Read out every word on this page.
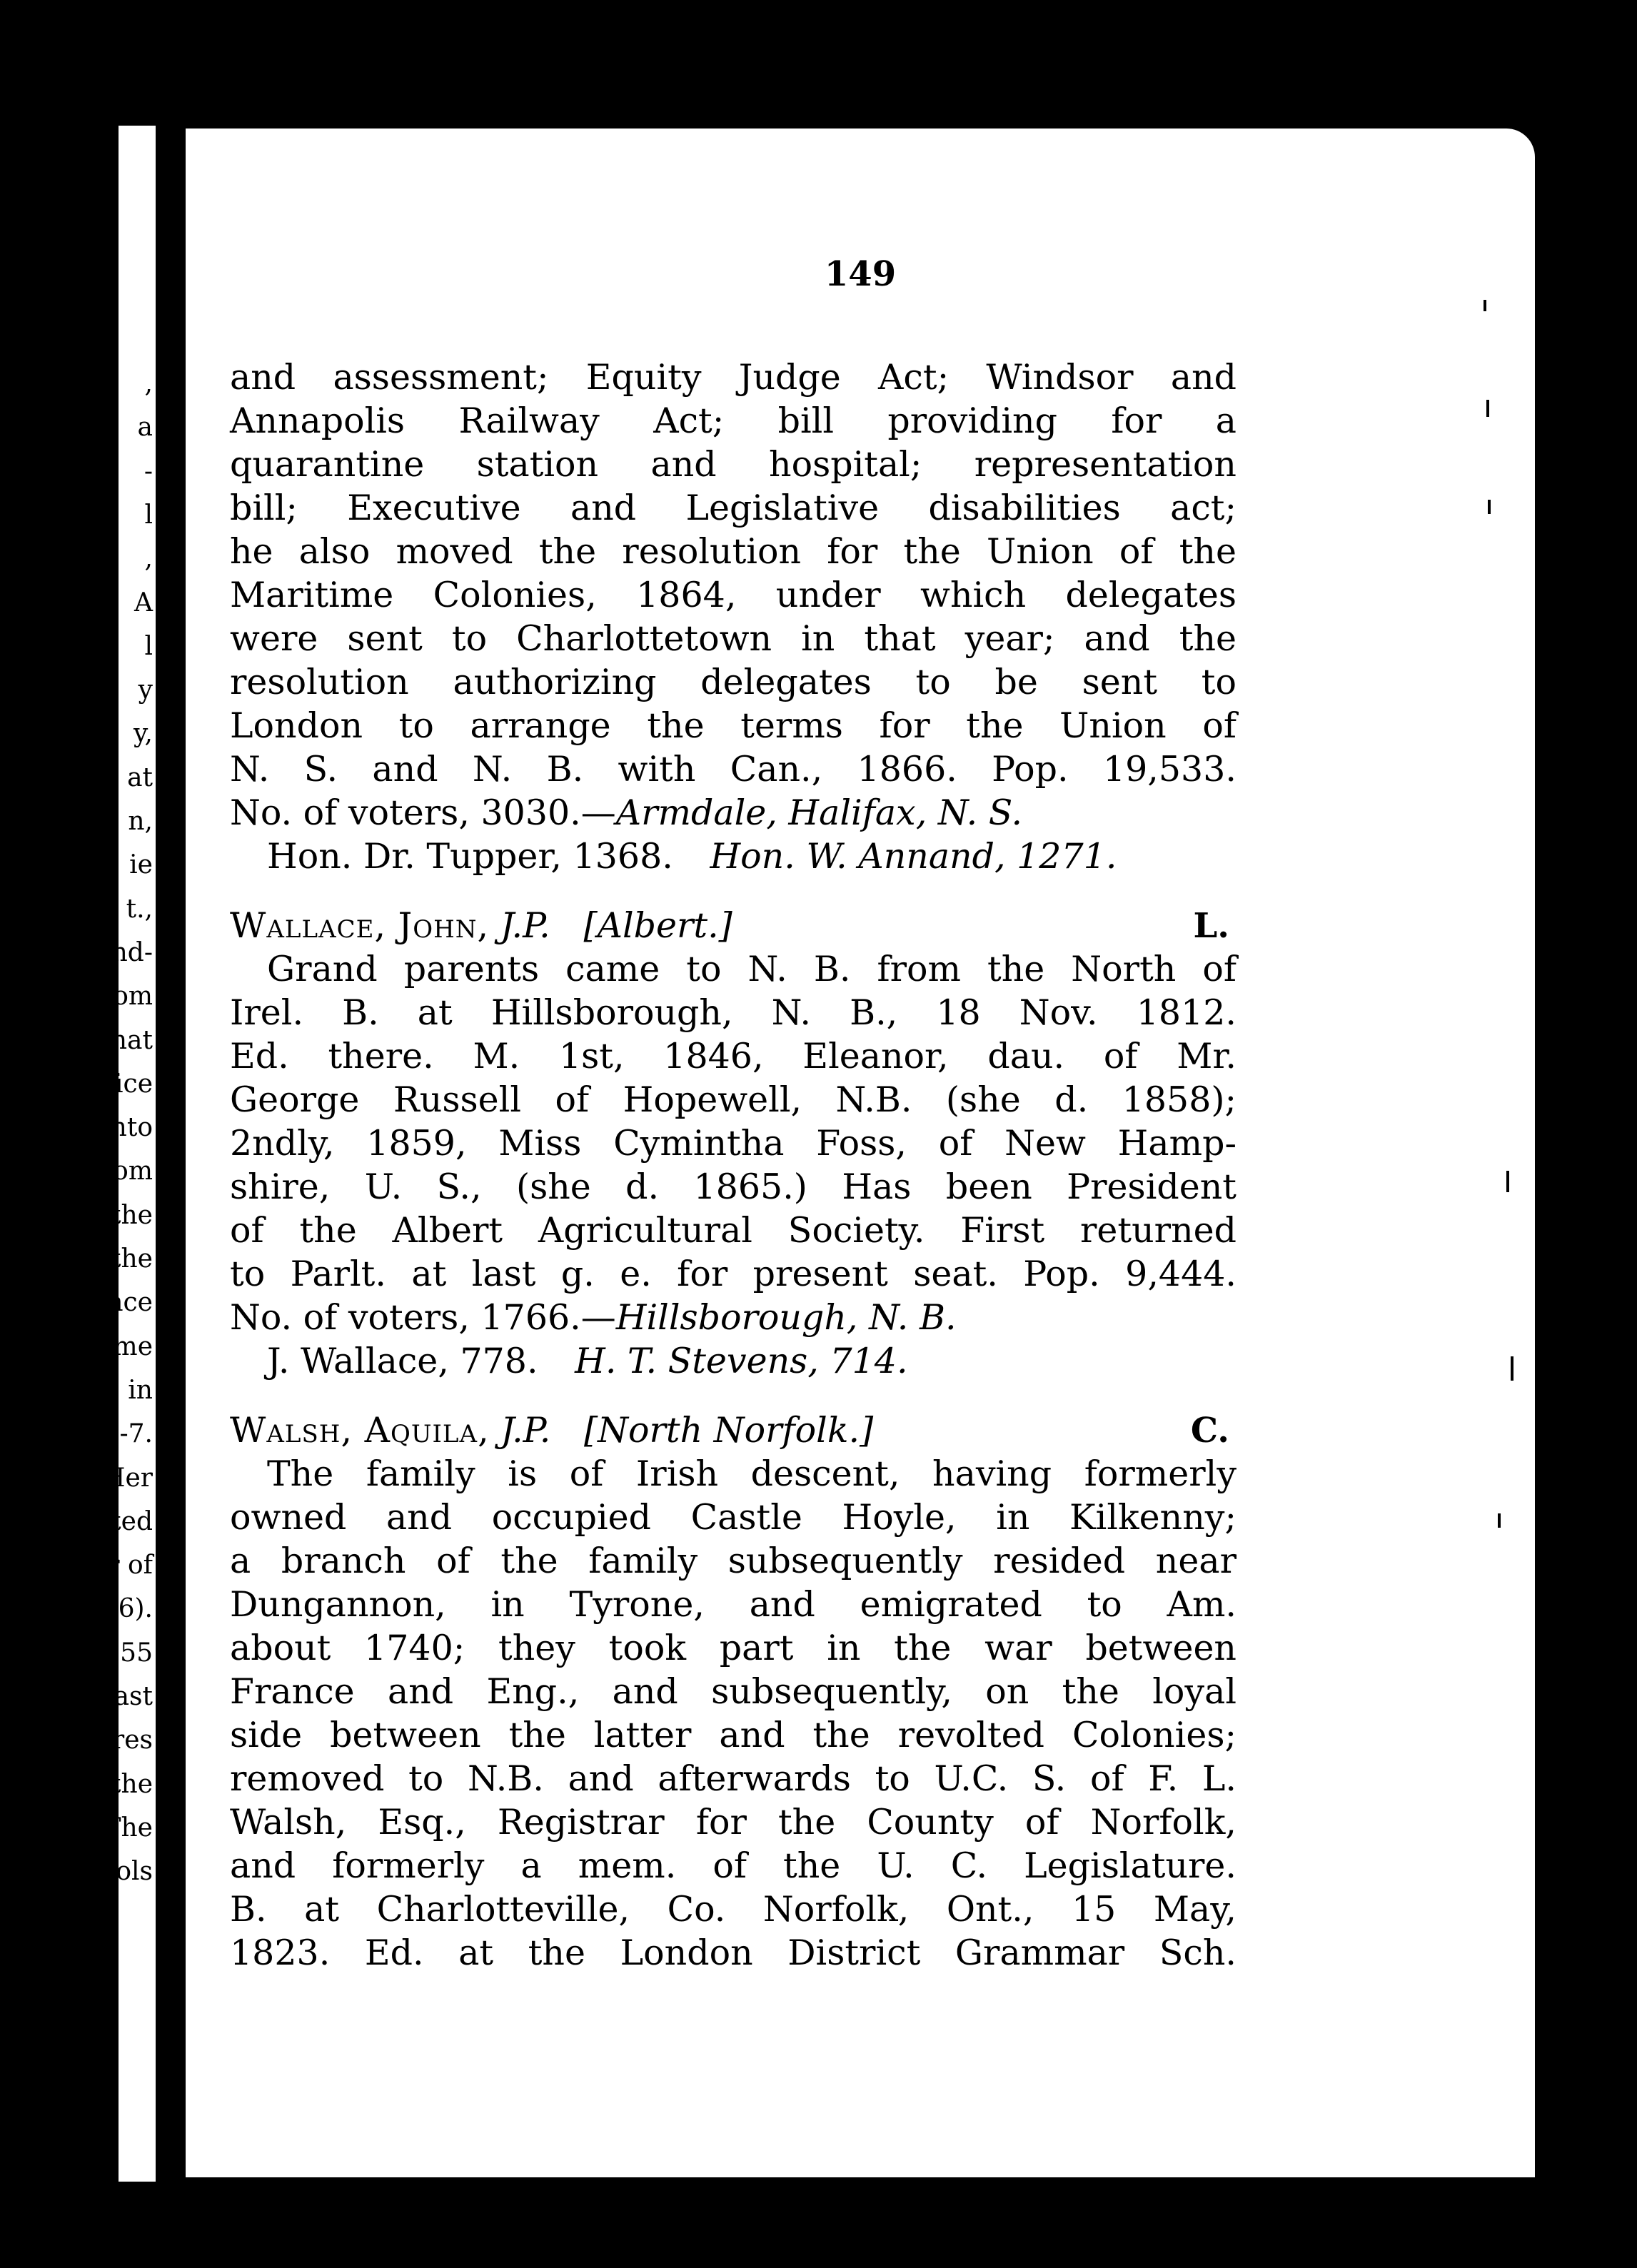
,
a
-
l
,
A
l
y
y,
at
n,
ie
t.,
nd-
om
hat
fice
nto
rom
the
the
ence
ame
e in
56-7.
Her
ated
or of
866).
1855
, last
sures
h the
The
chools
149
and assessment; Equity Judge Act; Windsor and
Annapolis Railway Act; bill providing for a
quarantine station and hospital; representation
bill; Executive and Legislative disabilities act;
he also moved the resolution for the Union of the
Maritime Colonies, 1864, under which delegates
were sent to Charlottetown in that year; and the
resolution authorizing delegates to be sent to
London to arrange the terms for the Union of
N. S. and N. B. with Can., 1866. Pop. 19,533.
No. of voters, 3030.—Armdale, Halifax, N. S.
Hon. Dr. Tupper, 1368. Hon. W. Annand, 1271.
Wallace, John, J.P. [Albert.]	L.
Grand parents came to N. B. from the North of
Irel. B. at Hillsborough, N. B., 18 Nov. 1812.
Ed. there. M. 1st, 1846, Eleanor, dau. of Mr.
George Russell of Hopewell, N.B. (she d. 1858);
2ndly, 1859, Miss Cymintha Foss, of New Hamp-
shire, U. S., (she d. 1865.) Has been President
of the Albert Agricultural Society. First returned
to Parlt. at last g. e. for present seat. Pop. 9,444.
No. of voters, 1766.—Hillsborough, N. B.
J. Wallace, 778. H. T. Stevens, 714.
Walsh, Aquila, J.P. [North Norfolk.]	C.
The family is of Irish descent, having formerly
owned and occupied Castle Hoyle, in Kilkenny;
a branch of the family subsequently resided near
Dungannon, in Tyrone, and emigrated to Am.
about 1740; they took part in the war between
France and Eng., and subsequently, on the loyal
side between the latter and the revolted Colonies;
removed to N.B. and afterwards to U.C. S. of F. L.
Walsh, Esq., Registrar for the County of Norfolk,
and formerly a mem. of the U. C. Legislature.
B. at Charlotteville, Co. Norfolk, Ont., 15 May,
1823. Ed. at the London District Grammar Sch.
